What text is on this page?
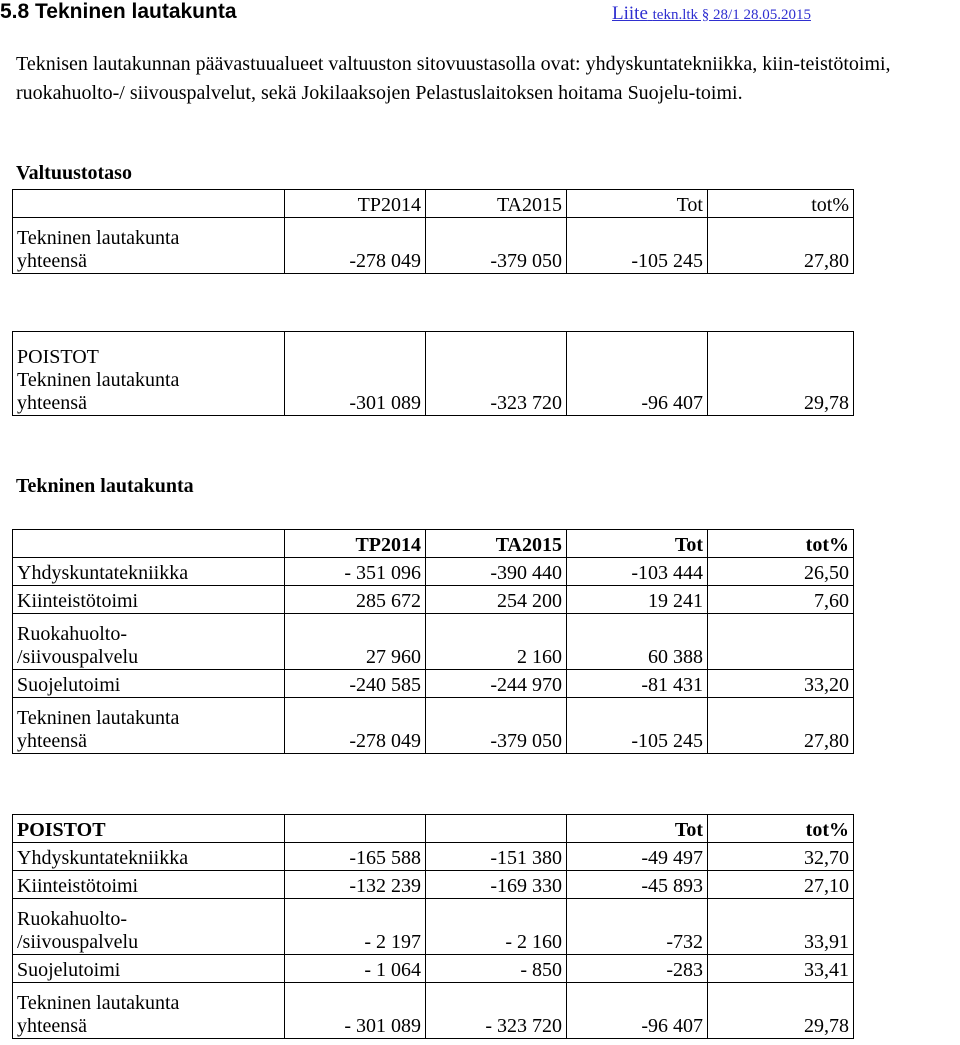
5.8 Tekninen lautakunta	Liite tekn.ltk § 28/1 28.05.2015
Teknisen lautakunnan päävastuualueet valtuuston sitovuustasolla ovat: yhdyskuntatekniikka, kiin-teistötoimi, ruokahuolto-/ siivouspalvelut, sekä Jokilaaksojen Pelastuslaitoksen hoitama Suojelu-toimi.
Valtuustotaso
	TP2014	TA2015	Tot	tot%

Tekninen lautakunta
yhteensä	-278 049	-379 050	-105 245	27,80
POISTOT
Tekninen lautakunta
yhteensä	-301 089	-323 720	-96 407	29,78
Tekninen lautakunta
	TP2014	TA2015	Tot	tot%
Yhdyskuntatekniikka	- 351 096	-390 440	-103 444	26,50
Kiinteistötoimi	285 672	254 200	19 241	7,60

Ruokahuolto-
/siivouspalvelu	27 960	2 160	60 388	
Suojelutoimi	-240 585	-244 970	-81 431	33,20

Tekninen lautakunta
yhteensä	-278 049	-379 050	-105 245	27,80
POISTOT			Tot	tot%
Yhdyskuntatekniikka	-165 588	-151 380	-49 497	32,70
Kiinteistötoimi	-132 239	-169 330	-45 893	27,10

Ruokahuolto-
/siivouspalvelu	- 2 197	- 2 160	-732	33,91
Suojelutoimi	- 1 064	- 850	-283	33,41

Tekninen lautakunta
yhteensä	- 301 089	- 323 720	-96 407	29,78
